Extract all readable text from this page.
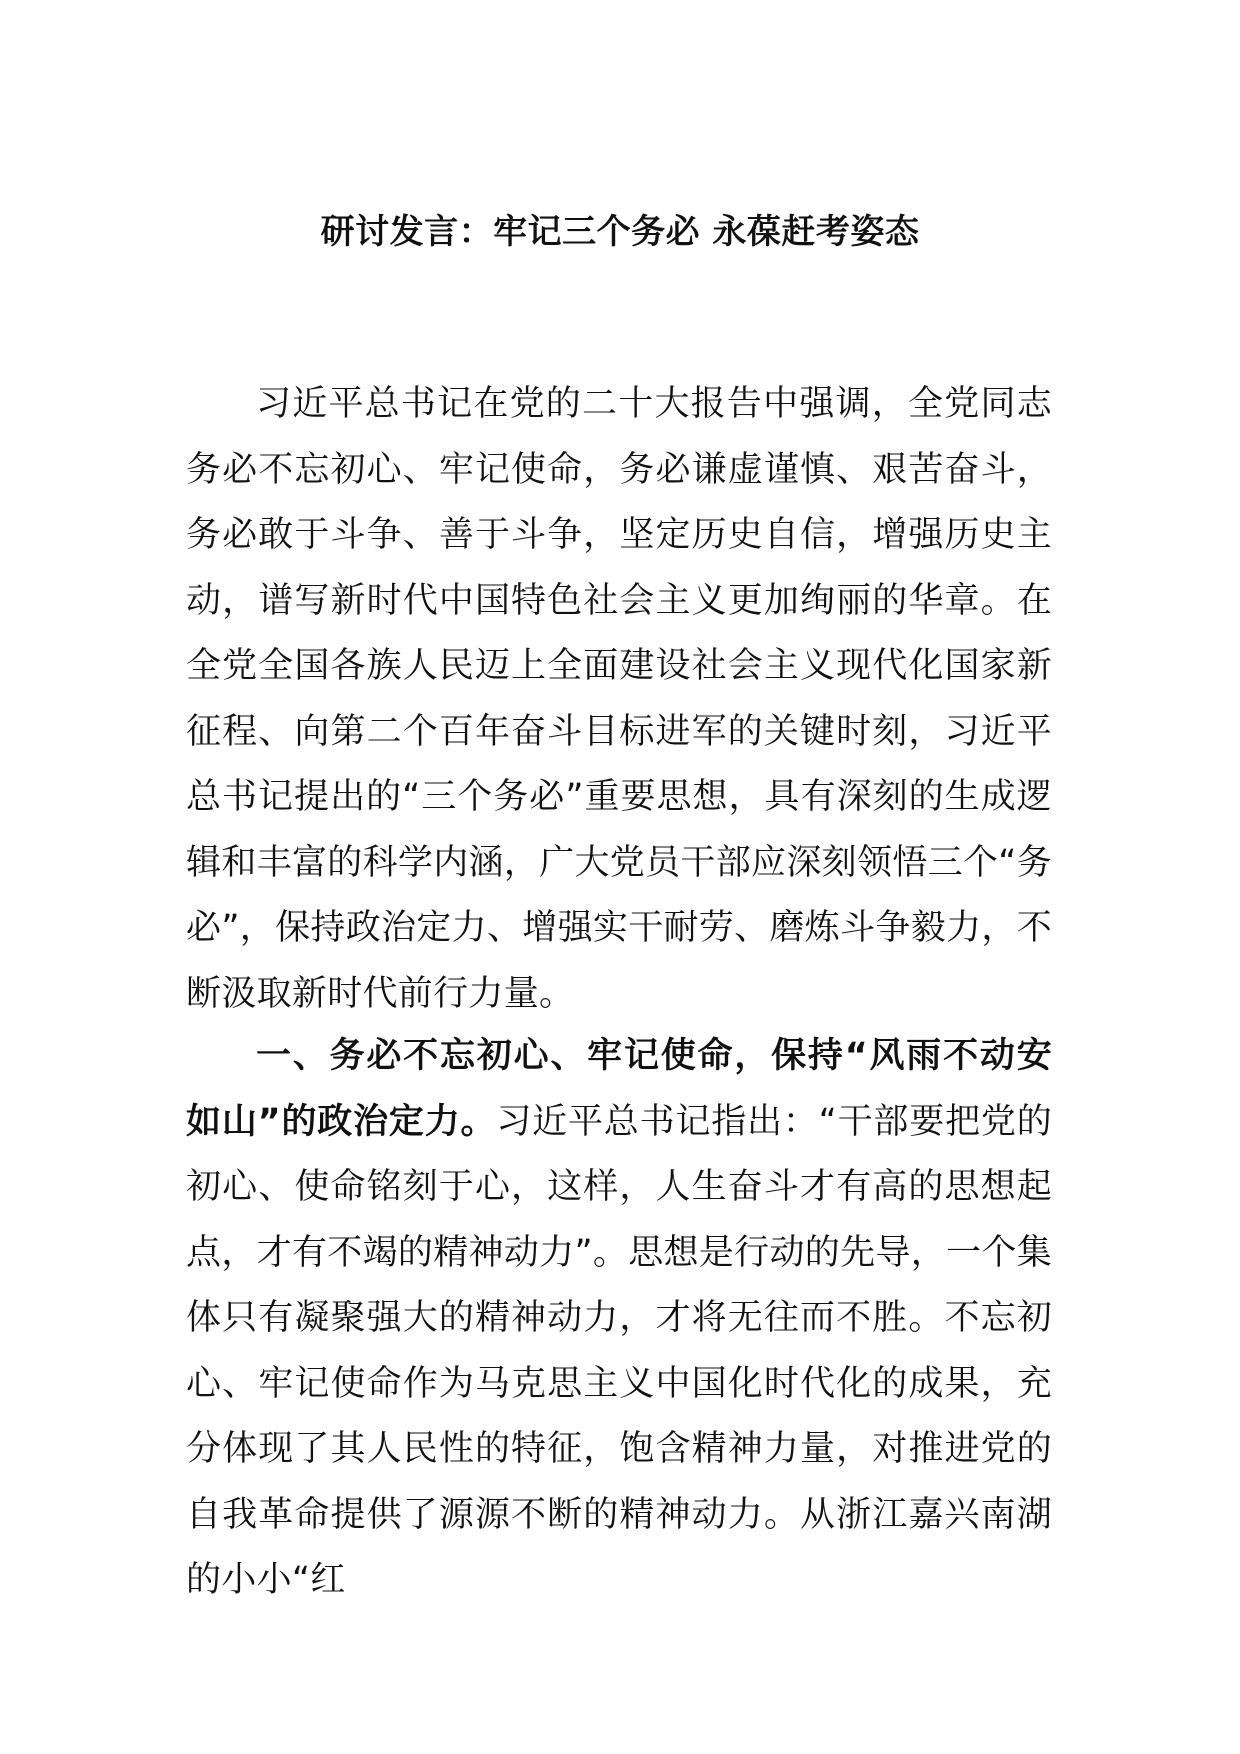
研讨发言：牢记三个务必 永葆赶考姿态

习近平总书记在党的二十大报告中强调，全党同志务必不忘初心、牢记使命，务必谦虚谨慎、艰苦奋斗，务必敢于斗争、善于斗争，坚定历史自信，增强历史主动，谱写新时代中国特色社会主义更加绚丽的华章。在全党全国各族人民迈上全面建设社会主义现代化国家新征程、向第二个百年奋斗目标进军的关键时刻，习近平总书记提出的“三个务必”重要思想，具有深刻的生成逻辑和丰富的科学内涵，广大党员干部应深刻领悟三个“务必”，保持政治定力、增强实干耐劳、磨炼斗争毅力，不断汲取新时代前行力量。

一、务必不忘初心、牢记使命，保持“风雨不动安如山”的政治定力。习近平总书记指出：“干部要把党的初心、使命铭刻于心，这样，人生奋斗才有高的思想起点，才有不竭的精神动力”。思想是行动的先导，一个集体只有凝聚强大的精神动力，才将无往而不胜。不忘初心、牢记使命作为马克思主义中国化时代化的成果，充分体现了其人民性的特征，饱含精神力量，对推进党的自我革命提供了源源不断的精神动力。从浙江嘉兴南湖的小小“红
